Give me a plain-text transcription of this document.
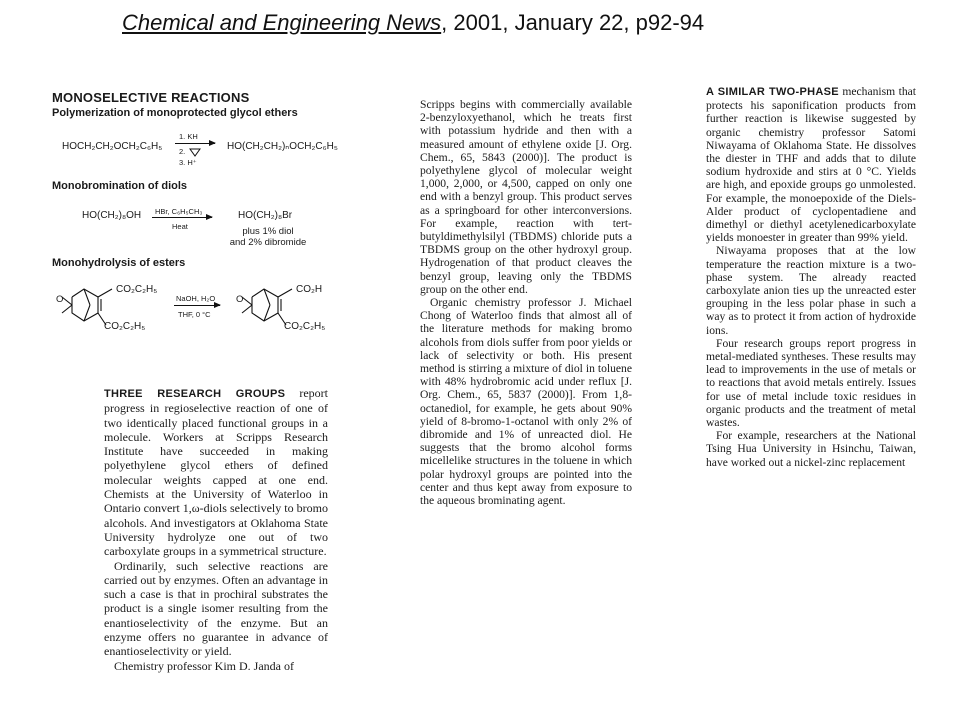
Chemical and Engineering News, 2001, January 22, p92-94
MONOSELECTIVE REACTIONS
Polymerization of monoprotected glycol ethers
HOCH₂CH₂OCH₂C₆H₅
1. KH
2.
3. H⁺
HO(CH₂CH₂)ₙOCH₂C₆H₅
Monobromination of diols
HO(CH₂)₈OH HBr, C₆H₅CH₃
Heat
HO(CH₂)₈Br
plus 1% diol
and 2% dibromide
Monohydrolysis of esters
O
CO₂C₂H₅
CO₂C₂H₅
NaOH, H₂O
THF, 0 °C
O
CO₂H
CO₂C₂H₅

THREE RESEARCH GROUPS report progress in regioselective reaction of one of two identically placed functional groups in a molecule. Workers at Scripps Research Institute have succeeded in making polyethylene glycol ethers of defined molecular weights capped at one end. Chemists at the University of Waterloo in Ontario convert 1,ω-diols selectively to bromo alcohols. And investigators at Oklahoma State University hydrolyze one out of two carboxylate groups in a symmetrical structure.

Ordinarily, such selective reactions are carried out by enzymes. Often an advantage in such a case is that in prochiral substrates the product is a single isomer resulting from the enantioselectivity of the enzyme. But an enzyme offers no guarantee in advance of enantioselectivity or yield.

Chemistry professor Kim D. Janda of

Scripps begins with commercially available 2-benzyloxyethanol, which he treats first with potassium hydride and then with a measured amount of ethylene oxide [J. Org. Chem., 65, 5843 (2000)]. The product is polyethylene glycol of molecular weight 1,000, 2,000, or 4,500, capped on only one end with a benzyl group. This product serves as a springboard for other interconversions. For example, reaction with tert-butyldimethylsilyl (TBDMS) chloride puts a TBDMS group on the other hydroxyl group. Hydrogenation of that product cleaves the benzyl group, leaving only the TBDMS group on the other end.

Organic chemistry professor J. Michael Chong of Waterloo finds that almost all of the literature methods for making bromo alcohols from diols suffer from poor yields or lack of selectivity or both. His present method is stirring a mixture of diol in toluene with 48% hydrobromic acid under reflux [J. Org. Chem., 65, 5837 (2000)]. From 1,8-octanediol, for example, he gets about 90% yield of 8-bromo-1-octanol with only 2% of dibromide and 1% of unreacted diol. He suggests that the bromo alcohol forms micellelike structures in the toluene in which polar hydroxyl groups are pointed into the center and thus kept away from exposure to the aqueous brominating agent.

A SIMILAR TWO-PHASE mechanism that protects his saponification products from further reaction is likewise suggested by organic chemistry professor Satomi Niwayama of Oklahoma State. He dissolves the diester in THF and adds that to dilute sodium hydroxide and stirs at 0 °C. Yields are high, and epoxide groups go unmolested. For example, the monoepoxide of the Diels-Alder product of cyclopentadiene and dimethyl or diethyl acetylenedicarboxylate yields monoester in greater than 99% yield.

Niwayama proposes that at the low temperature the reaction mixture is a two-phase system. The already reacted carboxylate anion ties up the unreacted ester grouping in the less polar phase in such a way as to protect it from action of hydroxide ions.

Four research groups report progress in metal-mediated syntheses. These results may lead to improvements in the use of metals or to reactions that avoid metals entirely. Issues for use of metal include toxic residues in organic products and the treatment of metal wastes.

For example, researchers at the National Tsing Hua University in Hsinchu, Taiwan, have worked out a nickel-zinc replacement
